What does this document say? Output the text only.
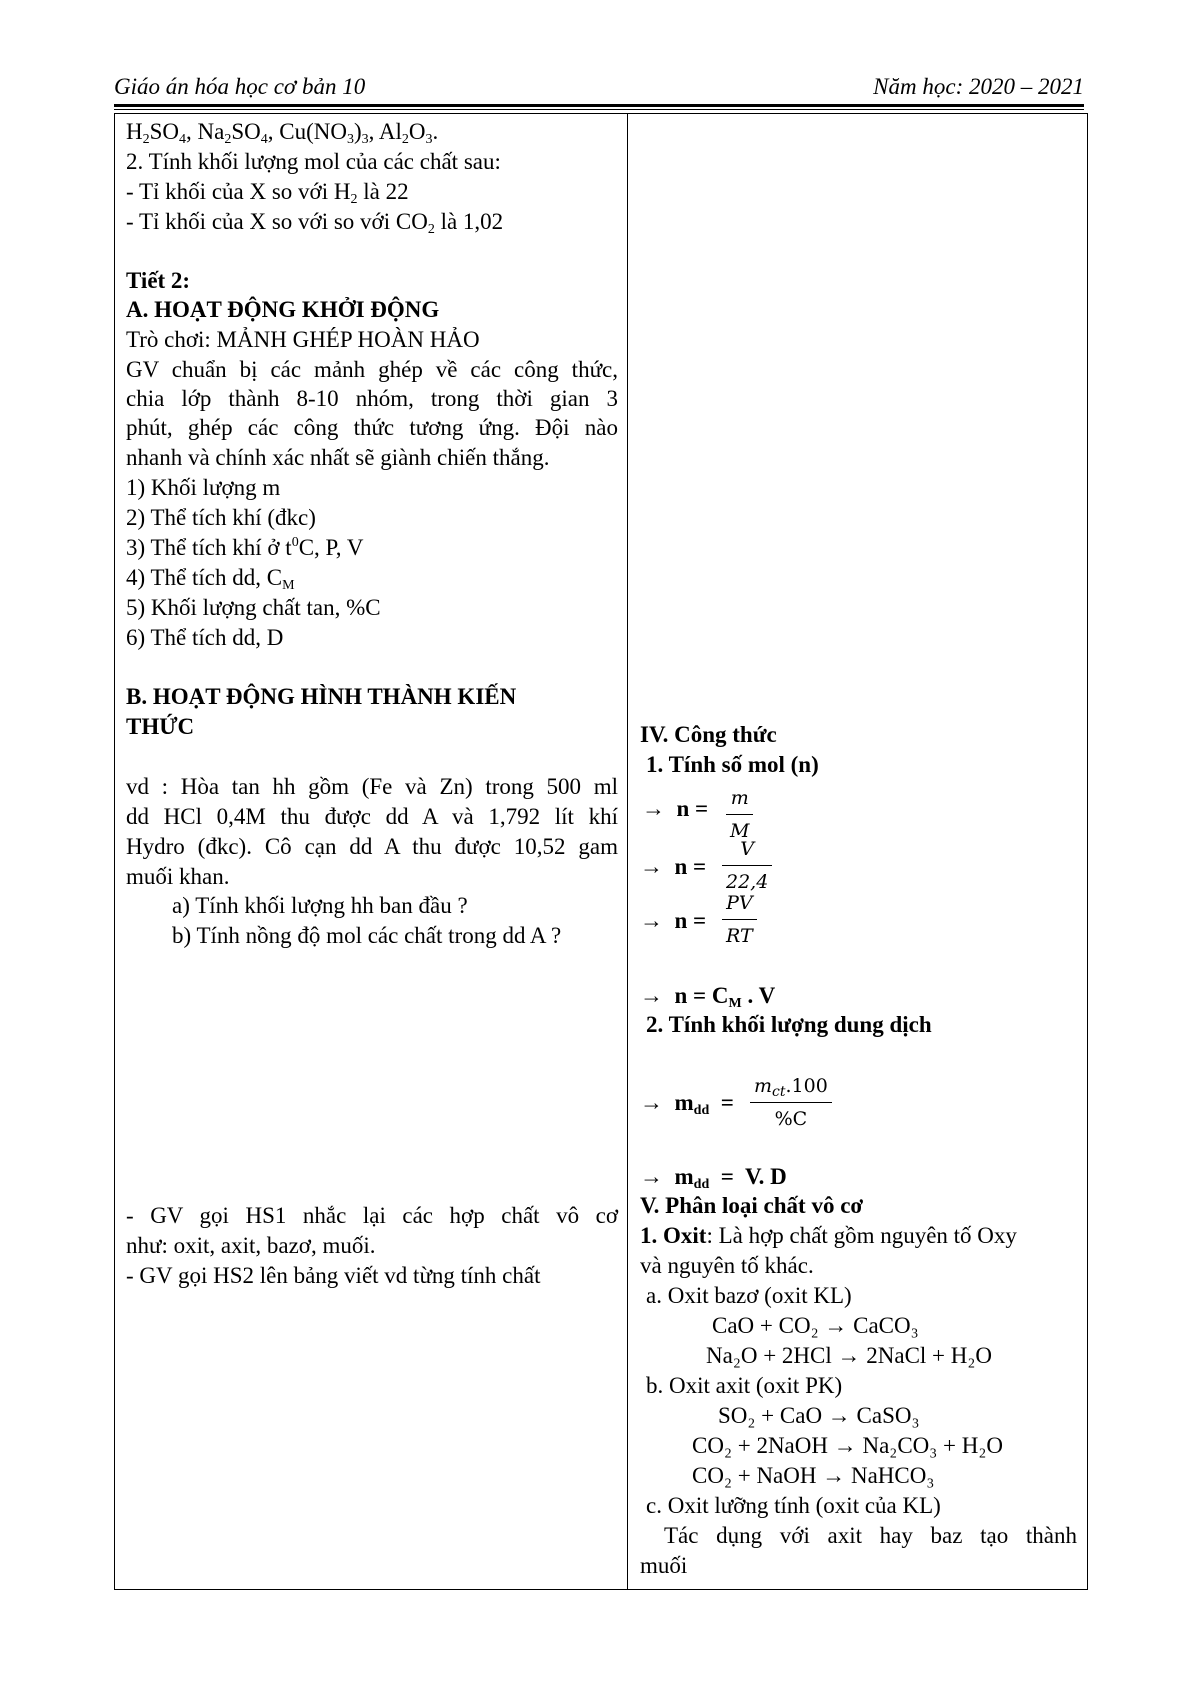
Giáo án hóa học cơ bản 10	Năm học: 2020 – 2021
$H_2SO_4$, $Na_2SO_4$, $Cu(NO_3)_3$, $Al_2O_3$.
2. Tính khối lượng mol của các chất sau:
- Tỉ khối của X so với $H_2$ là 22
- Tỉ khối của X so với so với $CO_2$ là 1,02
Tiết 2:
A. HOẠT ĐỘNG KHỞI ĐỘNG
Trò chơi: MẢNH GHÉP HOÀN HẢO
GV chuẩn bị các mảnh ghép về các công thức,
chia lớp thành 8-10 nhóm, trong thời gian 3
phút, ghép các công thức tương ứng. Đội nào
nhanh và chính xác nhất sẽ giành chiến thắng.
1) Khối lượng m
2) Thể tích khí (đkc)
3) Thể tích khí ở $t^0C$, P, V
4) Thể tích dd, $C_M$
5) Khối lượng chất tan, %C
6) Thể tích dd, D
B. HOẠT ĐỘNG HÌNH THÀNH KIẾN
THỨC
vd : Hòa tan hh gồm (Fe và Zn) trong 500 ml
dd HCl 0,4M thu được dd A và 1,792 lít khí
Hydro (đkc). Cô cạn dd A thu được 10,52 gam
muối khan.
a) Tính khối lượng hh ban đầu ?
b) Tính nồng độ mol các chất trong dd A ?
- GV gọi HS1 nhắc lại các hợp chất vô cơ
như: oxit, axit, bazơ, muối.
- GV gọi HS2 lên bảng viết vd từng tính chất
IV. Công thức
1. Tính số mol (n)
→ n = m
M
→ n =
V
22,4
→ n =
PV
RT
→ $n = C_M$ . V
2. Tính khối lượng dung dịch
→ $m_{dd}$ =
$m_{ct}.100$
%C
→ $m_{dd} = V$. D
V. Phân loại chất vô cơ
1. Oxit: Là hợp chất gồm nguyên tố Oxy
và nguyên tố khác.
a. Oxit bazơ (oxit KL)
CaO + CO₂ → CaCO₃
Na₂O + 2HCl → 2NaCl + H₂O
b. Oxit axit (oxit PK)
SO₂ + CaO → CaSO₃
CO₂ + 2NaOH → Na₂CO₃ + H₂O
CO₂ + NaOH → NaHCO₃
c. Oxit lưỡng tính (oxit của KL)
Tác dụng với axit hay baz tạo thành
muối
